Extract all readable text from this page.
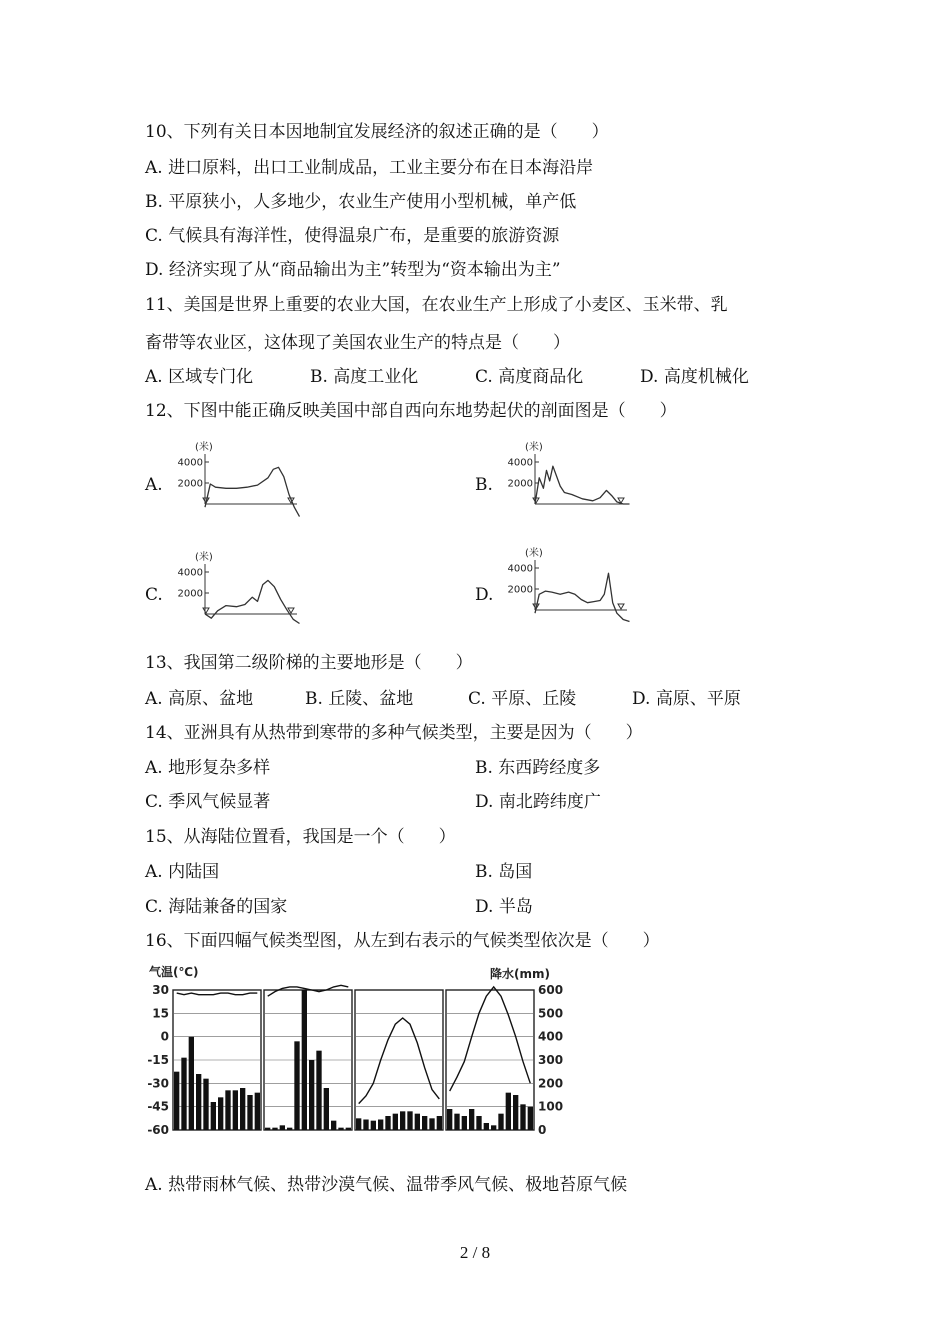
10、下列有关日本因地制宜发展经济的叙述正确的是（　　）
A. 进口原料，出口工业制成品，工业主要分布在日本海沿岸
B. 平原狭小，人多地少，农业生产使用小型机械，单产低
C. 气候具有海洋性，使得温泉广布，是重要的旅游资源
D. 经济实现了从“商品输出为主”转型为“资本输出为主”
11、美国是世界上重要的农业大国，在农业生产上形成了小麦区、玉米带、乳
畜带等农业区，这体现了美国农业生产的特点是（　　）
A. 区域专门化	B. 高度工业化	C. 高度商品化	D. 高度机械化
12、下图中能正确反映美国中部自西向东地势起伏的剖面图是（　　）
A.	B.
C.	D.
(米)
4000
2000
(米)
4000
2000
(米)
4000
2000
(米)
4000
2000
13、我国第二级阶梯的主要地形是（　　）
A. 高原、盆地	B. 丘陵、盆地	C. 平原、丘陵	D. 高原、平原
14、亚洲具有从热带到寒带的多种气候类型，主要是因为（　　）
A. 地形复杂多样	B. 东西跨经度多
C. 季风气候显著	D. 南北跨纬度广
15、从海陆位置看，我国是一个（　　）
A. 内陆国	B. 岛国
C. 海陆兼备的国家	D. 半岛
16、下面四幅气候类型图，从左到右表示的气候类型依次是（　　）
气温(℃)	降水(mm)
30
15
0
-15
-30
-45
-60
600
500
400
300
200
100
0
A. 热带雨林气候、热带沙漠气候、温带季风气候、极地苔原气候
2 / 8
